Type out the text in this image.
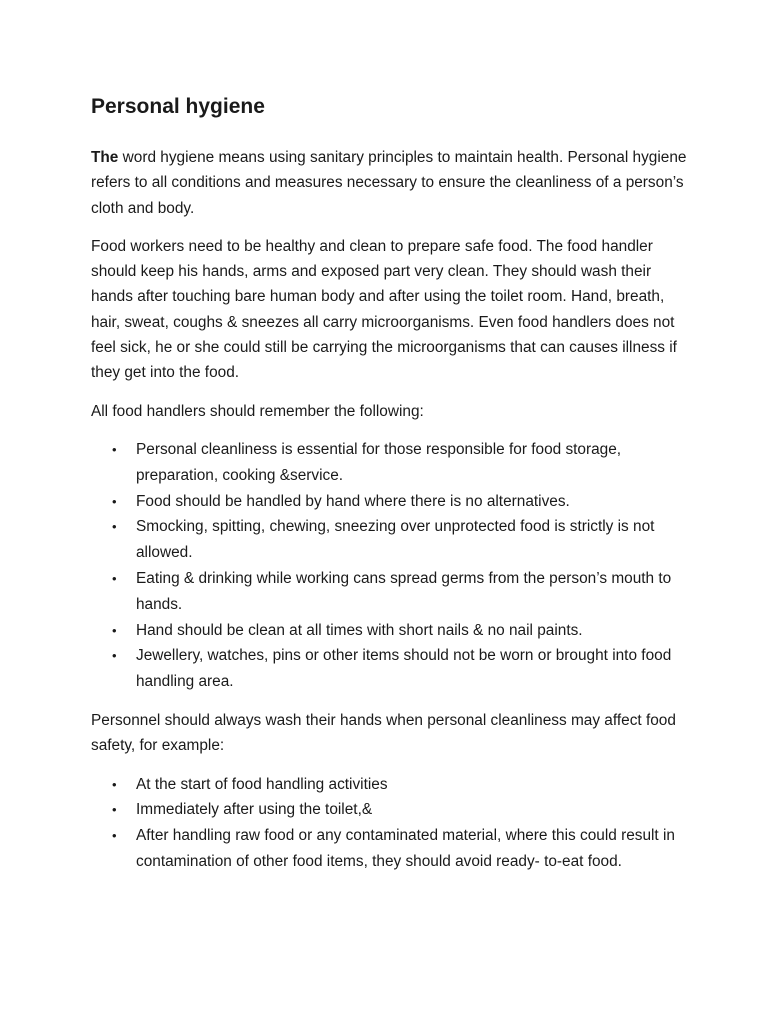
Personal hygiene

The word hygiene means using sanitary principles to maintain health. Personal hygiene refers to all conditions and measures necessary to ensure the cleanliness of a person’s cloth and body.

Food workers need to be healthy and clean to prepare safe food. The food handler should keep his hands, arms and exposed part very clean. They should wash their hands after touching bare human body and after using the toilet room. Hand, breath, hair, sweat, coughs & sneezes all carry microorganisms. Even food handlers does not feel sick, he or she could still be carrying the microorganisms that can causes illness if they get into the food.

All food handlers should remember the following:

• Personal cleanliness is essential for those responsible for food storage, preparation, cooking &service.
• Food should be handled by hand where there is no alternatives.
• Smocking, spitting, chewing, sneezing over unprotected food is strictly is not allowed.
• Eating & drinking while working cans spread germs from the person’s mouth to hands.
• Hand should be clean at all times with short nails & no nail paints.
• Jewellery, watches, pins or other items should not be worn or brought into food handling area.

Personnel should always wash their hands when personal cleanliness may affect food safety, for example:

• At the start of food handling activities
• Immediately after using the toilet,&
• After handling raw food or any contaminated material, where this could result in contamination of other food items, they should avoid ready- to-eat food.
